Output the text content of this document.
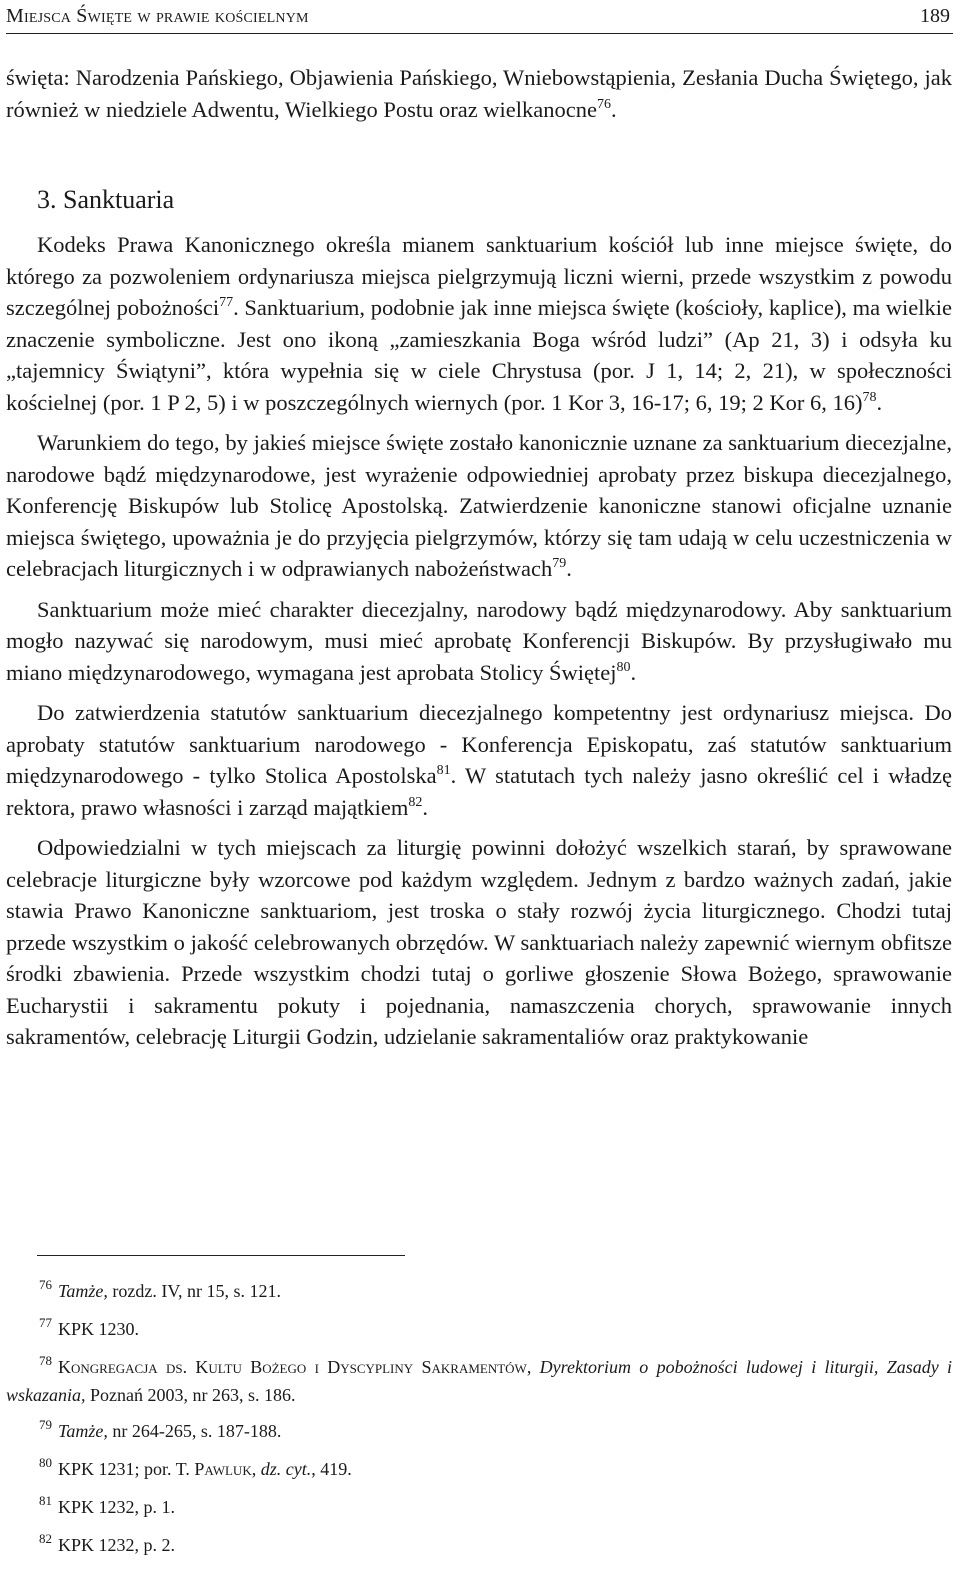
Miejsca Święte w prawie kościelnym	189

święta: Narodzenia Pańskiego, Objawienia Pańskiego, Wniebowstąpienia, Zesłania Ducha Świętego, jak również w niedziele Adwentu, Wielkiego Postu oraz wielkanocne$^{76}$.

3. Sanktuaria

Kodeks Prawa Kanonicznego określa mianem sanktuarium kościół lub inne miejsce święte, do którego za pozwoleniem ordynariusza miejsca pielgrzymują liczni wierni, przede wszystkim z powodu szczególnej pobożności$^{77}$. Sanktuarium, podobnie jak inne miejsca święte (kościoły, kaplice), ma wielkie znaczenie symboliczne. Jest ono ikoną „zamieszkania Boga wśród ludzi” (Ap 21, 3) i odsyła ku „tajemnicy Świątyni”, która wypełnia się w ciele Chrystusa (por. J 1, 14; 2, 21), w społeczności kościelnej (por. 1 P 2, 5) i w poszczególnych wiernych (por. 1 Kor 3, 16-17; 6, 19; 2 Kor 6, 16)$^{78}$.

Warunkiem do tego, by jakieś miejsce święte zostało kanonicznie uznane za sanktuarium diecezjalne, narodowe bądź międzynarodowe, jest wyrażenie odpowiedniej aprobaty przez biskupa diecezjalnego, Konferencję Biskupów lub Stolicę Apostolską. Zatwierdzenie kanoniczne stanowi oficjalne uznanie miejsca świętego, upoważnia je do przyjęcia pielgrzymów, którzy się tam udają w celu uczestniczenia w celebracjach liturgicznych i w odprawianych nabożeństwach$^{79}$.

Sanktuarium może mieć charakter diecezjalny, narodowy bądź międzynarodowy. Aby sanktuarium mogło nazywać się narodowym, musi mieć aprobatę Konferencji Biskupów. By przysługiwało mu miano międzynarodowego, wymagana jest aprobata Stolicy Świętej$^{80}$.

Do zatwierdzenia statutów sanktuarium diecezjalnego kompetentny jest ordynariusz miejsca. Do aprobaty statutów sanktuarium narodowego - Konferencja Episkopatu, zaś statutów sanktuarium międzynarodowego - tylko Stolica Apostolska$^{81}$. W statutach tych należy jasno określić cel i władzę rektora, prawo własności i zarząd majątkiem$^{82}$.

Odpowiedzialni w tych miejscach za liturgię powinni dołożyć wszelkich starań, by sprawowane celebracje liturgiczne były wzorcowe pod każdym względem. Jednym z bardzo ważnych zadań, jakie stawia Prawo Kanoniczne sanktuariom, jest troska o stały rozwój życia liturgicznego. Chodzi tutaj przede wszystkim o jakość celebrowanych obrzędów. W sanktuariach należy zapewnić wiernym obfitsze środki zbawienia. Przede wszystkim chodzi tutaj o gorliwe głoszenie Słowa Bożego, sprawowanie Eucharystii i sakramentu pokuty i pojednania, namaszczenia chorych, sprawowanie innych sakramentów, celebrację Liturgii Godzin, udzielanie sakramentaliów oraz praktykowanie

$^{76}$ Tamże, rozdz. IV, nr 15, s. 121.
$^{77}$ KPK 1230.
$^{78}$ Kongregacja ds. Kultu Bożego i Dyscypliny Sakramentów, Dyrektorium o pobożności ludowej i liturgii, Zasady i wskazania, Poznań 2003, nr 263, s. 186.
$^{79}$ Tamże, nr 264-265, s. 187-188.
$^{80}$ KPK 1231; por. T. Pawluk, dz. cyt., 419.
$^{81}$ KPK 1232, p. 1.
$^{82}$ KPK 1232, p. 2.
